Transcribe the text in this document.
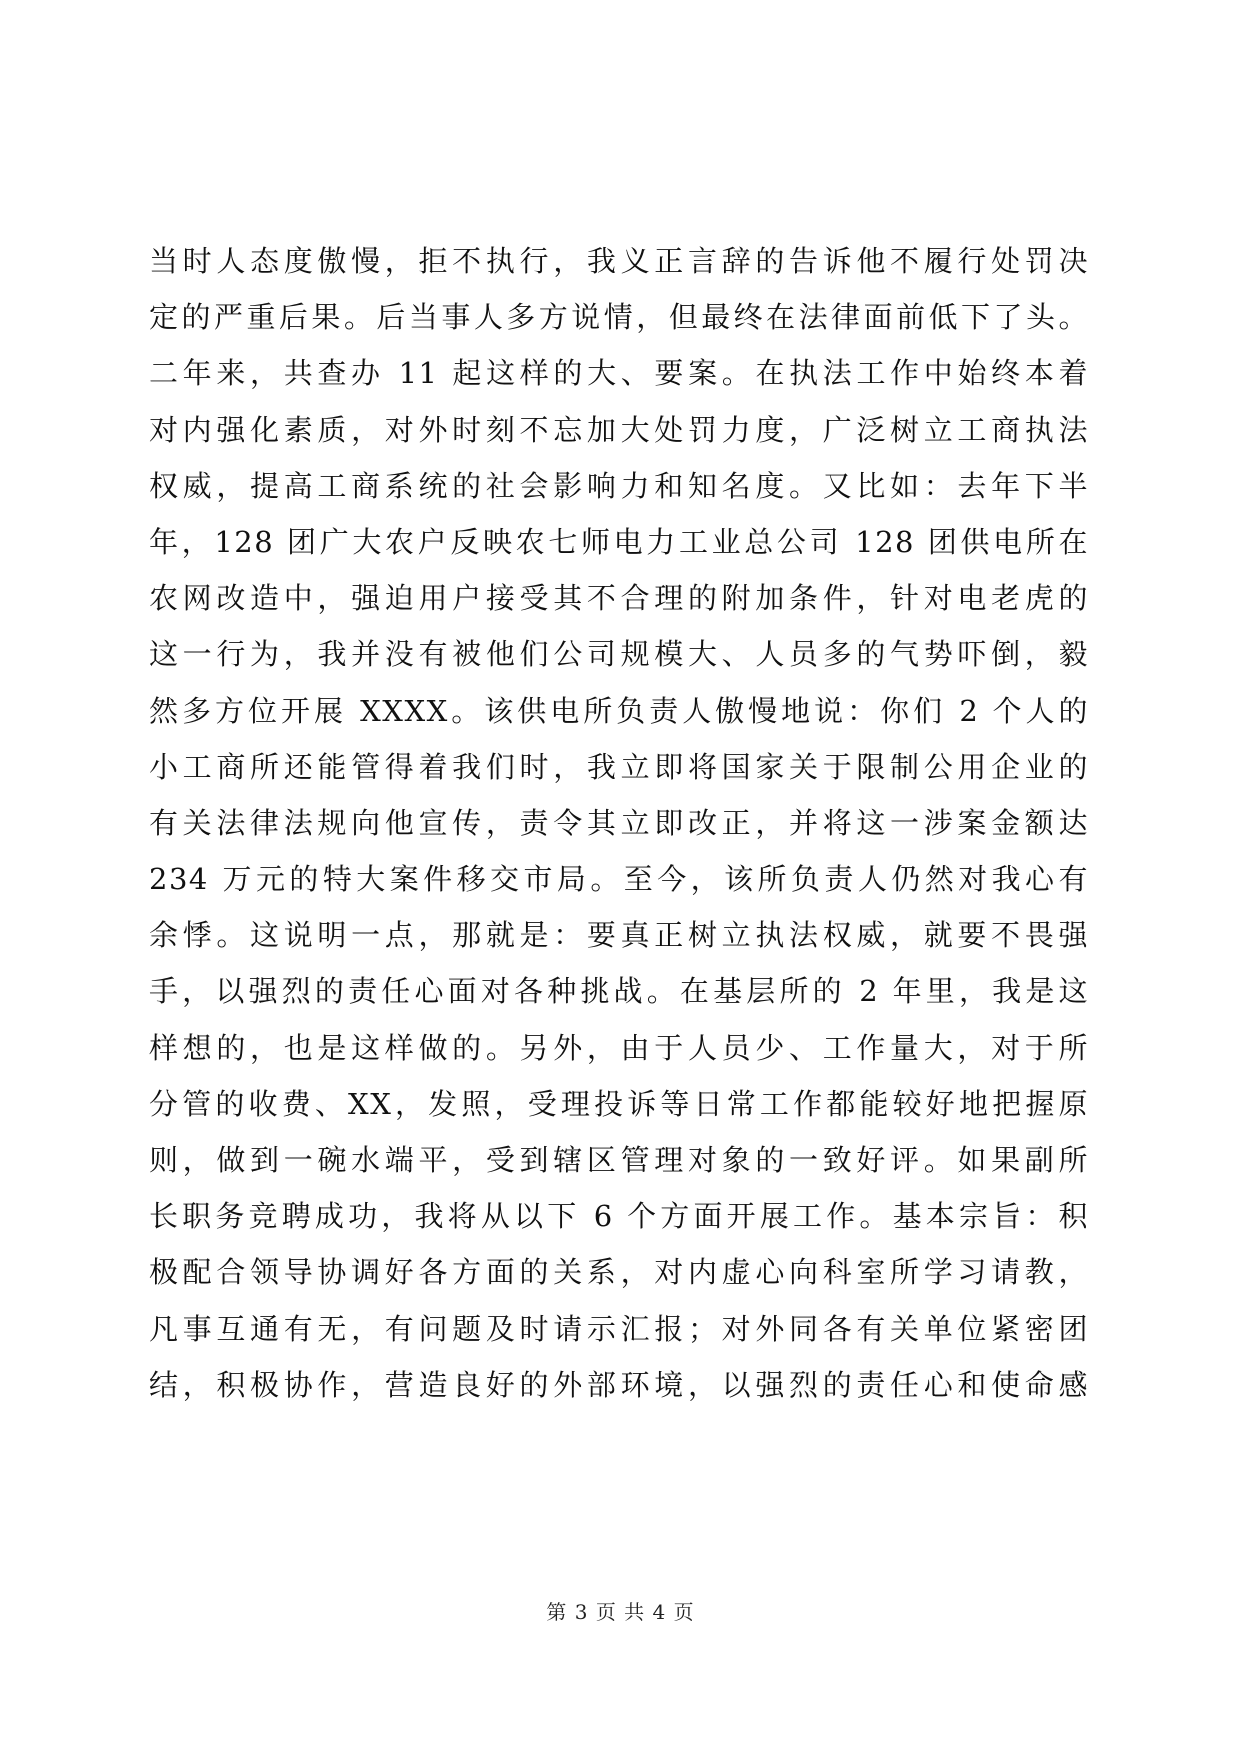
当时人态度傲慢，拒不执行，我义正言辞的告诉他不履行处罚决
定的严重后果。后当事人多方说情，但最终在法律面前低下了头。
二年来，共查办 11 起这样的大、要案。在执法工作中始终本着
对内强化素质，对外时刻不忘加大处罚力度，广泛树立工商执法
权威，提高工商系统的社会影响力和知名度。又比如：去年下半
年，128 团广大农户反映农七师电力工业总公司 128 团供电所在
农网改造中，强迫用户接受其不合理的附加条件，针对电老虎的
这一行为，我并没有被他们公司规模大、人员多的气势吓倒，毅
然多方位开展 XXXX。该供电所负责人傲慢地说：你们 2 个人的
小工商所还能管得着我们时，我立即将国家关于限制公用企业的
有关法律法规向他宣传，责令其立即改正，并将这一涉案金额达
234 万元的特大案件移交市局。至今，该所负责人仍然对我心有
余悸。这说明一点，那就是：要真正树立执法权威，就要不畏强
手，以强烈的责任心面对各种挑战。在基层所的 2 年里，我是这
样想的，也是这样做的。另外，由于人员少、工作量大，对于所
分管的收费、XX，发照，受理投诉等日常工作都能较好地把握原
则，做到一碗水端平，受到辖区管理对象的一致好评。如果副所
长职务竞聘成功，我将从以下 6 个方面开展工作。基本宗旨：积
极配合领导协调好各方面的关系，对内虚心向科室所学习请教，
凡事互通有无，有问题及时请示汇报；对外同各有关单位紧密团
结，积极协作，营造良好的外部环境，以强烈的责任心和使命感
第 3 页 共 4 页
